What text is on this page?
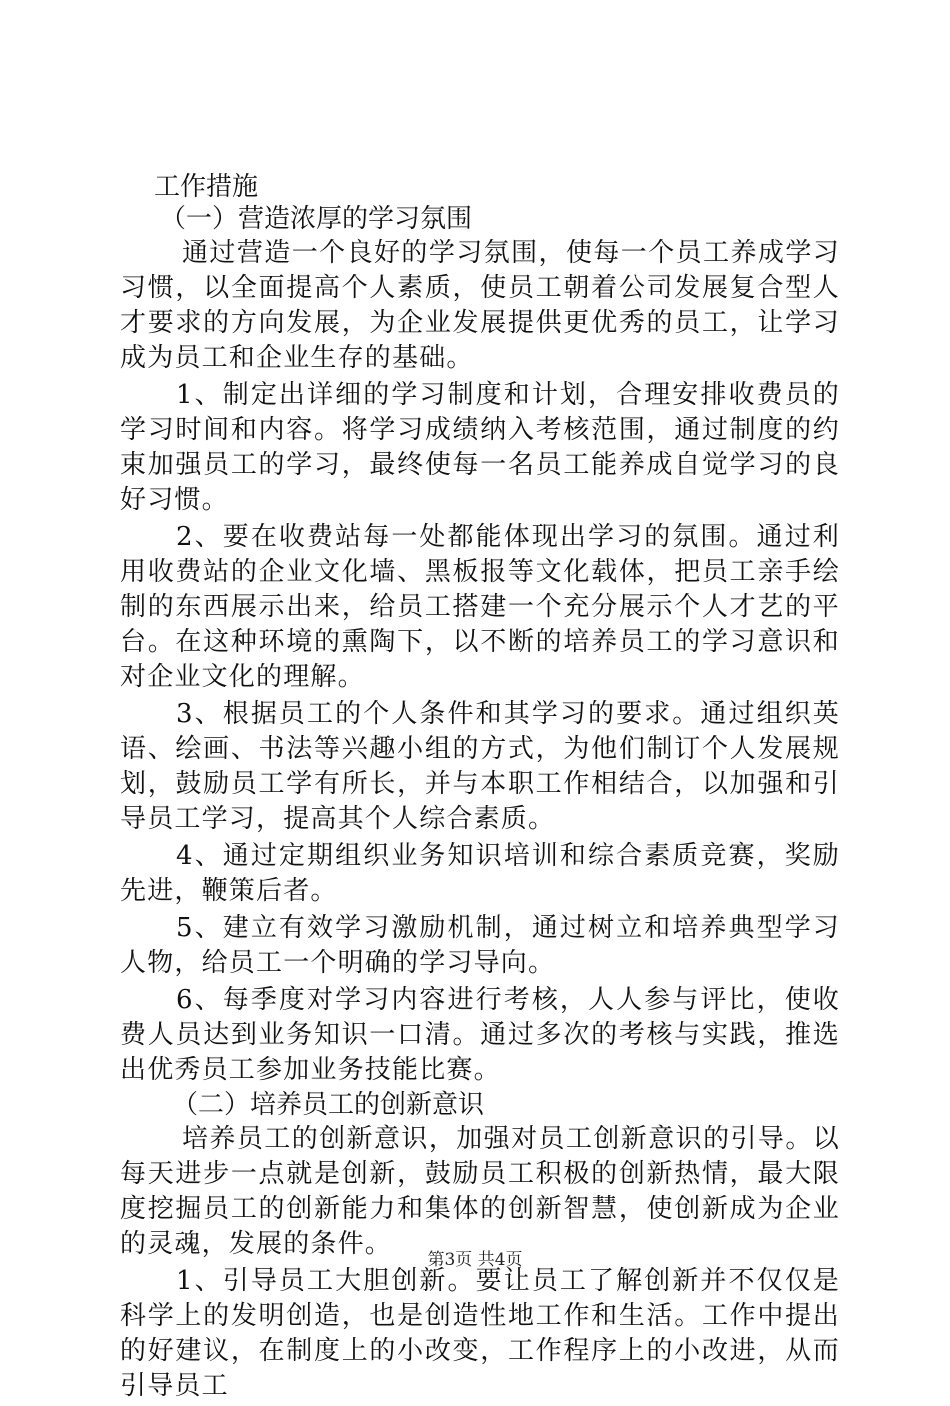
工作措施
（一）营造浓厚的学习氛围

通过营造一个良好的学习氛围，使每一个员工养成学习习惯，以全面提高个人素质，使员工朝着公司发展复合型人才要求的方向发展，为企业发展提供更优秀的员工，让学习成为员工和企业生存的基础。

1、制定出详细的学习制度和计划，合理安排收费员的学习时间和内容。将学习成绩纳入考核范围，通过制度的约束加强员工的学习，最终使每一名员工能养成自觉学习的良好习惯。

2、要在收费站每一处都能体现出学习的氛围。通过利用收费站的企业文化墙、黑板报等文化载体，把员工亲手绘制的东西展示出来，给员工搭建一个充分展示个人才艺的平台。在这种环境的熏陶下，以不断的培养员工的学习意识和对企业文化的理解。

3、根据员工的个人条件和其学习的要求。通过组织英语、绘画、书法等兴趣小组的方式，为他们制订个人发展规划，鼓励员工学有所长，并与本职工作相结合，以加强和引导员工学习，提高其个人综合素质。

4、通过定期组织业务知识培训和综合素质竞赛，奖励先进，鞭策后者。

5、建立有效学习激励机制，通过树立和培养典型学习人物，给员工一个明确的学习导向。

6、每季度对学习内容进行考核，人人参与评比，使收费人员达到业务知识一口清。通过多次的考核与实践，推选出优秀员工参加业务技能比赛。

（二）培养员工的创新意识

培养员工的创新意识，加强对员工创新意识的引导。以每天进步一点就是创新，鼓励员工积极的创新热情，最大限度挖掘员工的创新能力和集体的创新智慧，使创新成为企业的灵魂，发展的条件。

1、引导员工大胆创新。要让员工了解创新并不仅仅是科学上的发明创造，也是创造性地工作和生活。工作中提出的好建议，在制度上的小改变，工作程序上的小改进，从而引导员工

第3页 共4页
